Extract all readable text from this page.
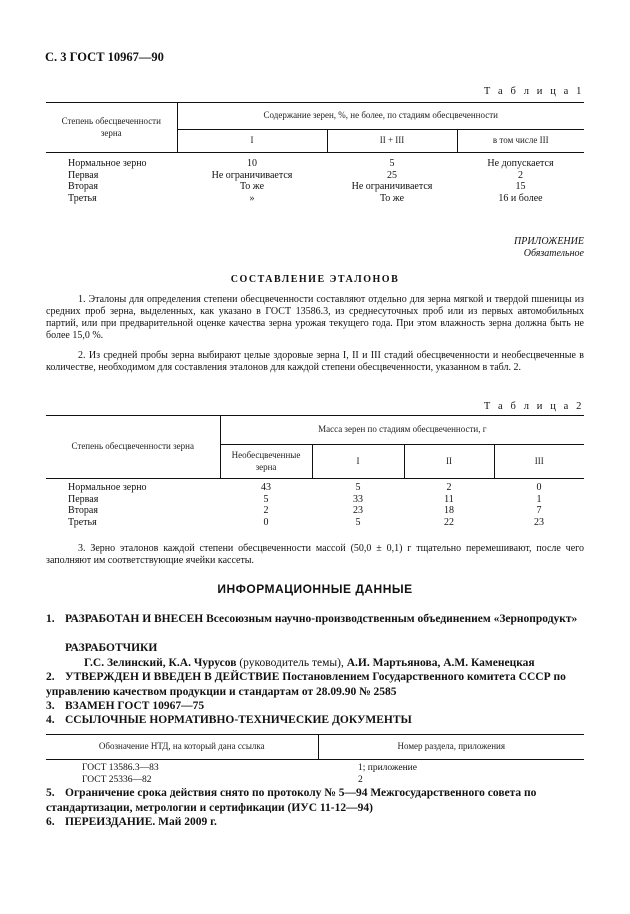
С. 3 ГОСТ 10967—90
Т а б л и ц а 1
Степень обесцвеченности зерна	Содержание зерен, %, не более, по стадиям обесцвеченности		
	I	II + III	в том числе III
Нормальное зерно	10	5	Не допускается
Первая	Не ограничивается	25	2
Вторая	То же	Не ограничивается	15
Третья	»	То же	16 и более
ПРИЛОЖЕНИЕ
Обязательное
СОСТАВЛЕНИЕ ЭТАЛОНОВ
1. Эталоны для определения степени обесцвеченности составляют отдельно для зерна мягкой и твердой пшеницы из средних проб зерна, выделенных, как указано в ГОСТ 13586.3, из среднесуточных проб или из первых автомобильных партий, или при предварительной оценке качества зерна урожая текущего года. При этом влажность зерна должна быть не более 15,0 %.
2. Из средней пробы зерна выбирают целые здоровые зерна I, II и III стадий обесцвеченности и необесцвеченные в количестве, необходимом для составления эталонов для каждой степени обесцвеченности, указанном в табл. 2.
Т а б л и ц а 2
Степень обесцвеченности зерна	Масса зерен по стадиям обесцвеченности, г			
	Необесцвеченные зерна	I	II	III
Нормальное зерно	43	5	2	0
Первая	5	33	11	1
Вторая	2	23	18	7
Третья	0	5	22	23
3. Зерно эталонов каждой степени обесцвеченности массой (50,0 ± 0,1) г тщательно перемешивают, после чего заполняют им соответствующие ячейки кассеты.
ИНФОРМАЦИОННЫЕ ДАННЫЕ
1. РАЗРАБОТАН И ВНЕСЕН Всесоюзным научно-производственным объединением «Зернопродукт»
РАЗРАБОТЧИКИ
Г.С. Зелинский, К.А. Чурусов (руководитель темы), А.И. Мартьянова, А.М. Каменецкая
2. УТВЕРЖДЕН И ВВЕДЕН В ДЕЙСТВИЕ Постановлением Государственного комитета СССР по управлению качеством продукции и стандартам от 28.09.90 № 2585
3. ВЗАМЕН ГОСТ 10967—75
4. ССЫЛОЧНЫЕ НОРМАТИВНО-ТЕХНИЧЕСКИЕ ДОКУМЕНТЫ
Обозначение НТД, на который дана ссылка	Номер раздела, приложения
ГОСТ 13586.3—83	1; приложение
ГОСТ 25336—82	2
5. Ограничение срока действия снято по протоколу № 5—94 Межгосударственного совета по стандартизации, метрологии и сертификации (ИУС 11-12—94)
6. ПЕРЕИЗДАНИЕ. Май 2009 г.
